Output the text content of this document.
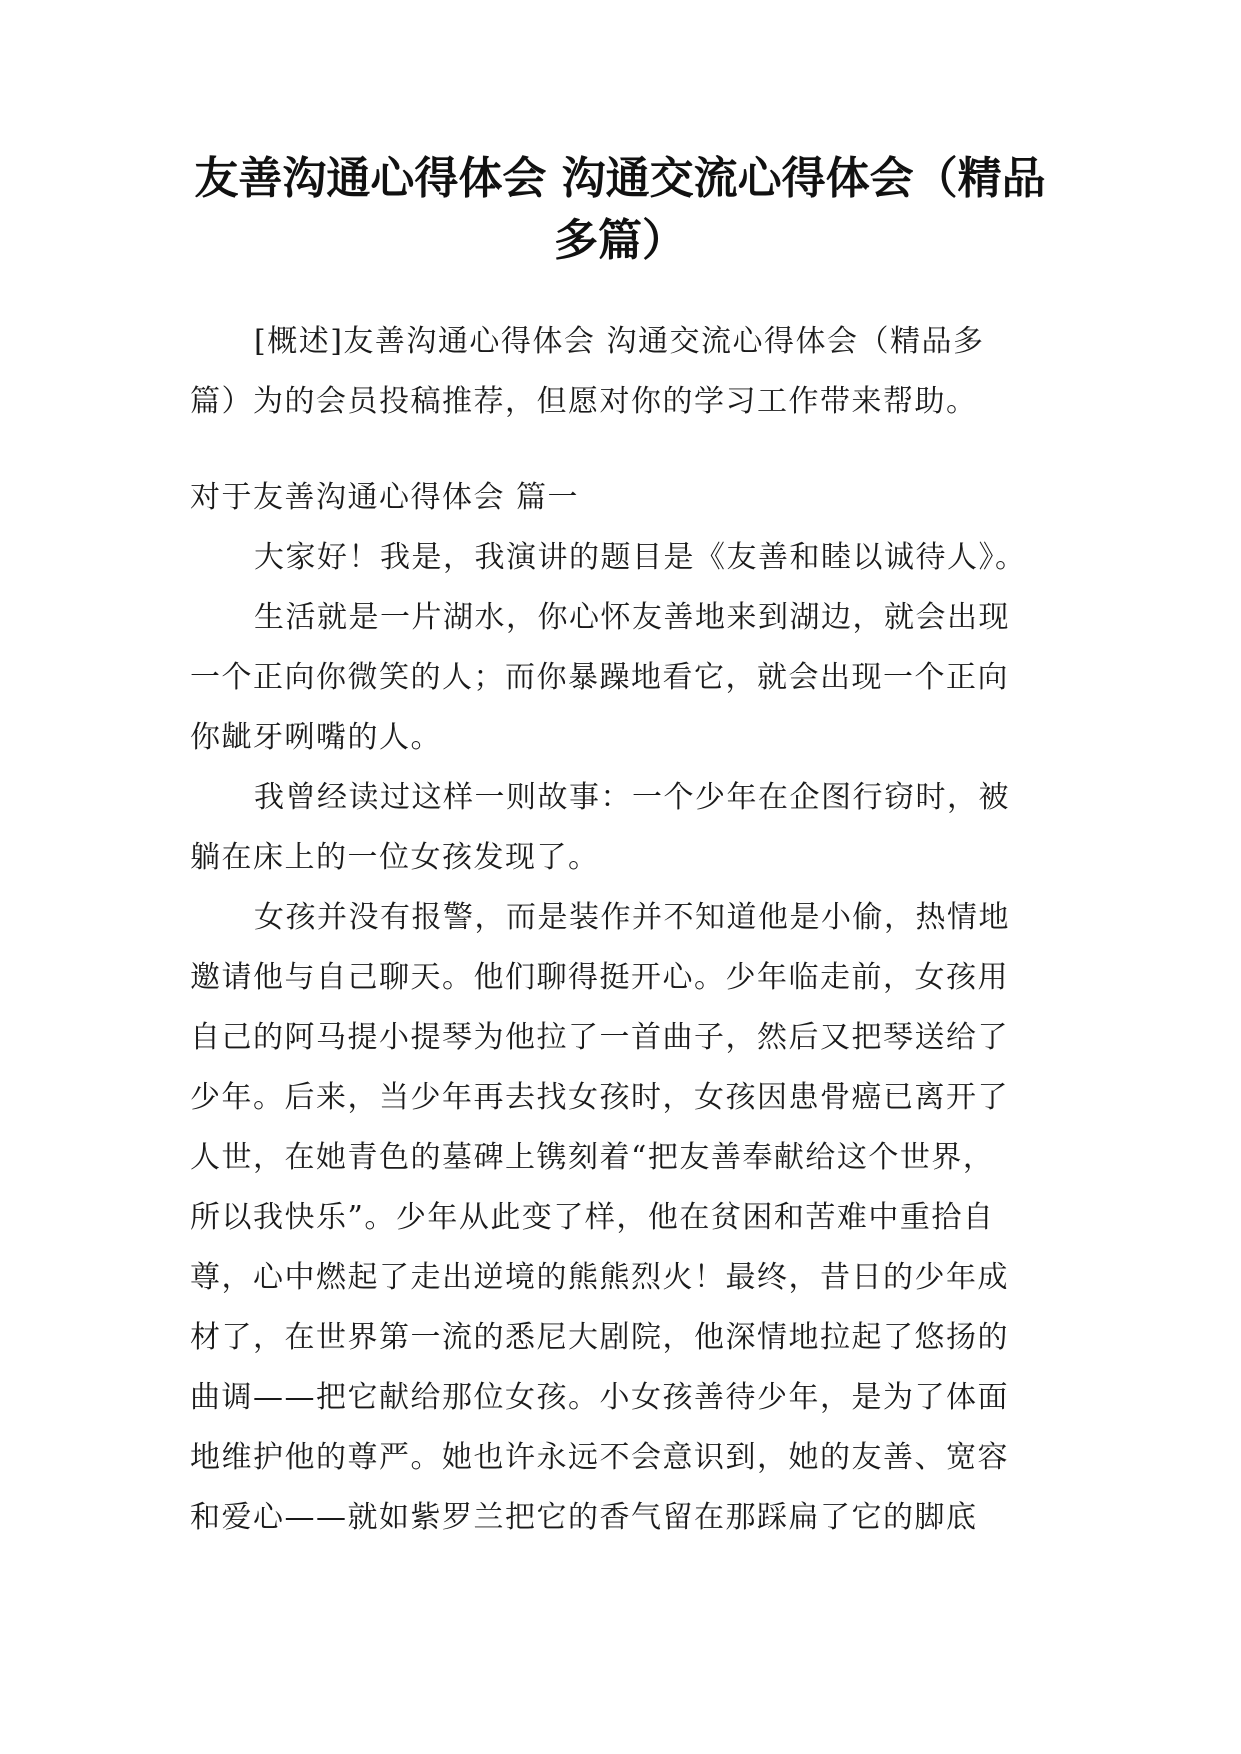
友善沟通心得体会 沟通交流心得体会（精品
多篇）
[概述]友善沟通心得体会 沟通交流心得体会（精品多
篇）为的会员投稿推荐，但愿对你的学习工作带来帮助。
对于友善沟通心得体会 篇一
大家好！我是，我演讲的题目是《友善和睦以诚待人》。
生活就是一片湖水，你心怀友善地来到湖边，就会出现
一个正向你微笑的人；而你暴躁地看它，就会出现一个正向
你龇牙咧嘴的人。
我曾经读过这样一则故事：一个少年在企图行窃时，被
躺在床上的一位女孩发现了。
女孩并没有报警，而是装作并不知道他是小偷，热情地
邀请他与自己聊天。他们聊得挺开心。少年临走前，女孩用
自己的阿马提小提琴为他拉了一首曲子，然后又把琴送给了
少年。后来，当少年再去找女孩时，女孩因患骨癌已离开了
人世，在她青色的墓碑上镌刻着“把友善奉献给这个世界，
所以我快乐”。少年从此变了样，他在贫困和苦难中重拾自
尊，心中燃起了走出逆境的熊熊烈火！最终，昔日的少年成
材了，在世界第一流的悉尼大剧院，他深情地拉起了悠扬的
曲调——把它献给那位女孩。小女孩善待少年，是为了体面
地维护他的尊严。她也许永远不会意识到，她的友善、宽容
和爱心——就如紫罗兰把它的香气留在那踩扁了它的脚底
